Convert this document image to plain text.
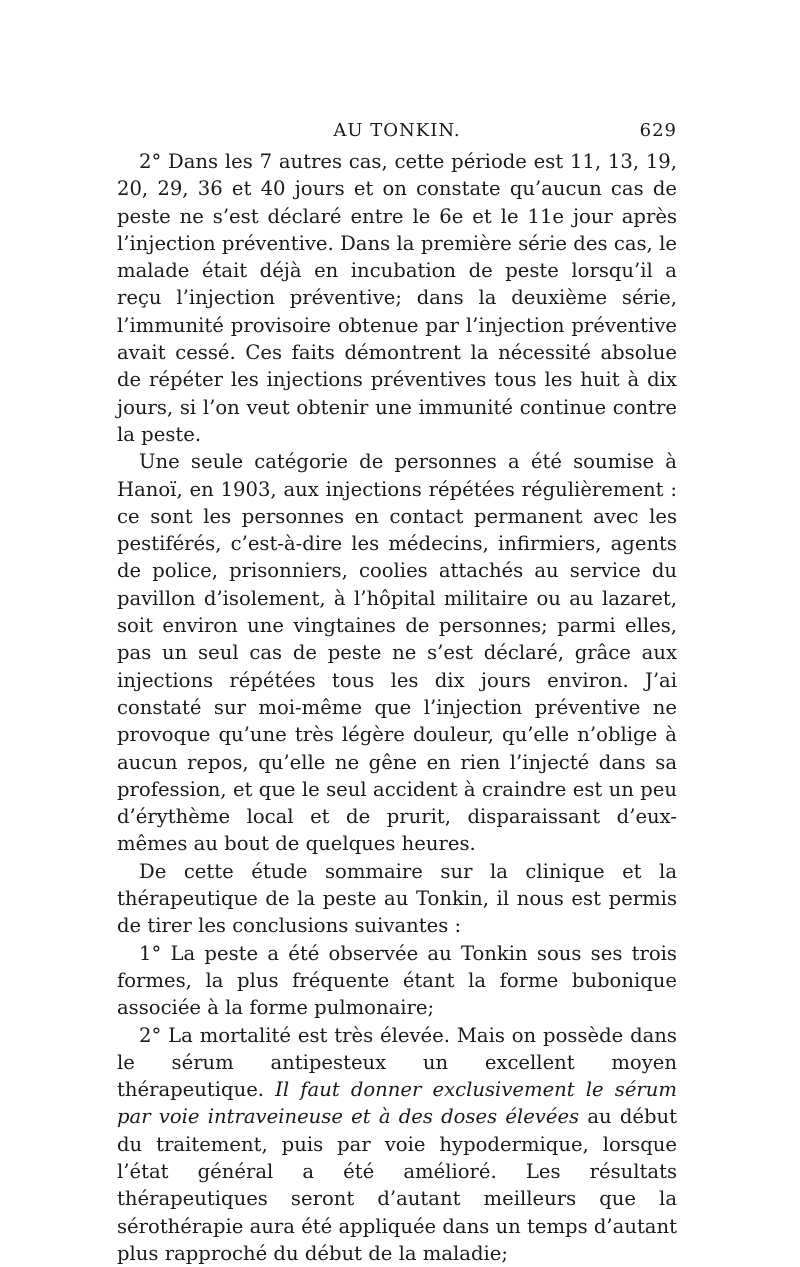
AU TONKIN.	629

2° Dans les 7 autres cas, cette période est 11, 13, 19, 20, 29, 36 et 40 jours et on constate qu’aucun cas de peste ne s’est déclaré entre le 6e et le 11e jour après l’injection préventive. Dans la première série des cas, le malade était déjà en incubation de peste lorsqu’il a reçu l’injection préventive; dans la deuxième série, l’immunité provisoire obtenue par l’injection préventive avait cessé. Ces faits démontrent la nécessité absolue de répéter les injections préventives tous les huit à dix jours, si l’on veut obtenir une immunité continue contre la peste.

Une seule catégorie de personnes a été soumise à Hanoï, en 1903, aux injections répétées régulièrement : ce sont les personnes en contact permanent avec les pestiférés, c’est-à-dire les médecins, infirmiers, agents de police, prisonniers, coolies attachés au service du pavillon d’isolement, à l’hôpital militaire ou au lazaret, soit environ une vingtaines de personnes; parmi elles, pas un seul cas de peste ne s’est déclaré, grâce aux injections répétées tous les dix jours environ. J’ai constaté sur moi-même que l’injection préventive ne provoque qu’une très légère douleur, qu’elle n’oblige à aucun repos, qu’elle ne gêne en rien l’injecté dans sa profession, et que le seul accident à craindre est un peu d’érythème local et de prurit, disparaissant d’eux-mêmes au bout de quelques heures.

De cette étude sommaire sur la clinique et la thérapeutique de la peste au Tonkin, il nous est permis de tirer les conclusions suivantes :

1° La peste a été observée au Tonkin sous ses trois formes, la plus fréquente étant la forme bubonique associée à la forme pulmonaire;

2° La mortalité est très élevée. Mais on possède dans le sérum antipesteux un excellent moyen thérapeutique. Il faut donner exclusivement le sérum par voie intraveineuse et à des doses élevées au début du traitement, puis par voie hypodermique, lorsque l’état général a été amélioré. Les résultats thérapeutiques seront d’autant meilleurs que la sérothérapie aura été appliquée dans un temps d’autant plus rapproché du début de la maladie;
